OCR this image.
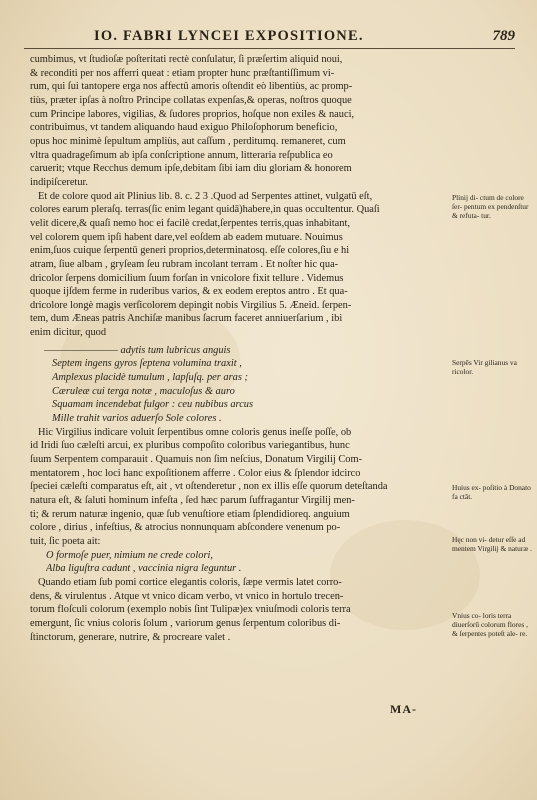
IO. FABRI LYNCEI EXPOSITIONE.	789

cumbimus, vt ſtudioſæ poſteritati rectè conſulatur, ſi præſertim aliquid noui,
& reconditi per nos afferri queat : etiam propter hunc præſtantiſſimum vi-
rum, qui ſui tantopere erga nos affectû amoris oſtendit eò libentiùs, ac promp-
tiùs, præter ipſas à noſtro Principe collatas expenſas,& operas, noſtros quoque
cum Principe labores, vigilias, & ſudores proprios, hoſque non exiles & nauci,
contribuimus, vt tandem aliquando haud exiguo Philoſophorum beneficio,
opus hoc minimè ſepultum ampliùs, aut caſſum , perditumq. remaneret, cum
vltra quadrageſimum ab ipſa conſcriptione annum, litteraria reſpublica eo
caruerit; vtque Recchus demum ipſe,debitam ſibi iam diu gloriam & honorem
indipiſceretur.

Et de colore quod ait Plinius lib. 8. c. 2 3 .Quod ad Serpentes attinet, vulgatū eſt,
colores earum pleraſq. terras(ſic enim legant quidā)habere,in quas occultentur. Quaſi
velit dicere,& quaſi nemo hoc ei facilè credat,ſerpentes terris,quas inhabitant,
vel colorem quem ipſi habent dare,vel eoſdem ab eadem mutuare. Nouimus
enim,ſuos cuique ſerpentū generi proprios,determinatosq. eſſe colores,ſiu e hi
atram, ſiue albam , gryſeam ſeu rubram incolant terram . Et noſter hic qua-
dricolor ſerpens domicilium ſuum forſan in vnicolore fixit tellure . Videmus
quoque ijſdem ferme in ruderibus varios, & ex eodem ereptos antro . Et qua-
dricolore longè magis verſicolorem depingit nobis Virgilius 5. Æneid. ſerpen-
tem, dum Æneas patris Anchiſæ manibus ſacrum faceret anniuerſarium , ibi
enim dicitur, quod

———————— adytis tum lubricus anguis
Septem ingens gyros ſeptena volumina traxit ,
Amplexus placidè tumulum , lapſuſq. per aras ;
Cæruleæ cui terga notæ , maculoſus & auro
Squamam incendebat fulgor : ceu nubibus arcus
Mille trahit varios aduerſo Sole colores .

Hic Virgilius indicare voluit ſerpentibus omne coloris genus ineſſe poſſe, ob
id Iridi ſuo cæleſti arcui, ex pluribus compoſito coloribus variegantibus, hunc
ſuum Serpentem comparauit . Quamuis non ſim neſcius, Donatum Virgilij Com-
mentatorem , hoc loci hanc expoſitionem afferre . Color eius & ſplendor idcirco
ſpeciei cæleſti comparatus eſt, ait , vt oſtenderetur , non ex illis eſſe quorum deteſtanda
natura eſt, & ſaluti hominum infeſta , ſed hæc parum ſuffragantur Virgilij men-
ti; & rerum naturæ ingenio, quæ ſub venuſtiore etiam ſplendidioreq. anguium
colore , dirius , infeſtius, & atrocius nonnunquam abſcondere venenum po-
tuit, ſic poeta ait:

O formoſe puer, nimium ne crede colori,
Alba liguſtra cadunt , vaccinia nigra leguntur .

Quando etiam ſub pomi cortice elegantis coloris, ſæpe vermis latet corro-
dens, & virulentus . Atque vt vnico dicam verbo, vt vnico in hortulo trecen-
torum floſculi colorum (exemplo nobis ſint Tulipæ)ex vniuſmodi coloris terra
emergunt, ſic vnius coloris ſolum , variorum genus ſerpentum coloribus di-
ſtinctorum, generare, nutrire, & procreare valet .

Plinij di- ctum de colore ſer- pentum ex pendenſtur & refuta- tur.
Serpēs Vir gilianus va ricolor.
Huius ex- poſitio à Donato fa ctāt.
Hęc non vi- detur eſſe ad mentem Virgilij & naturæ .
Vnius co- loris terra diuerſorū colorum flores , & ſerpentes poteſt ale- re.
MA-
